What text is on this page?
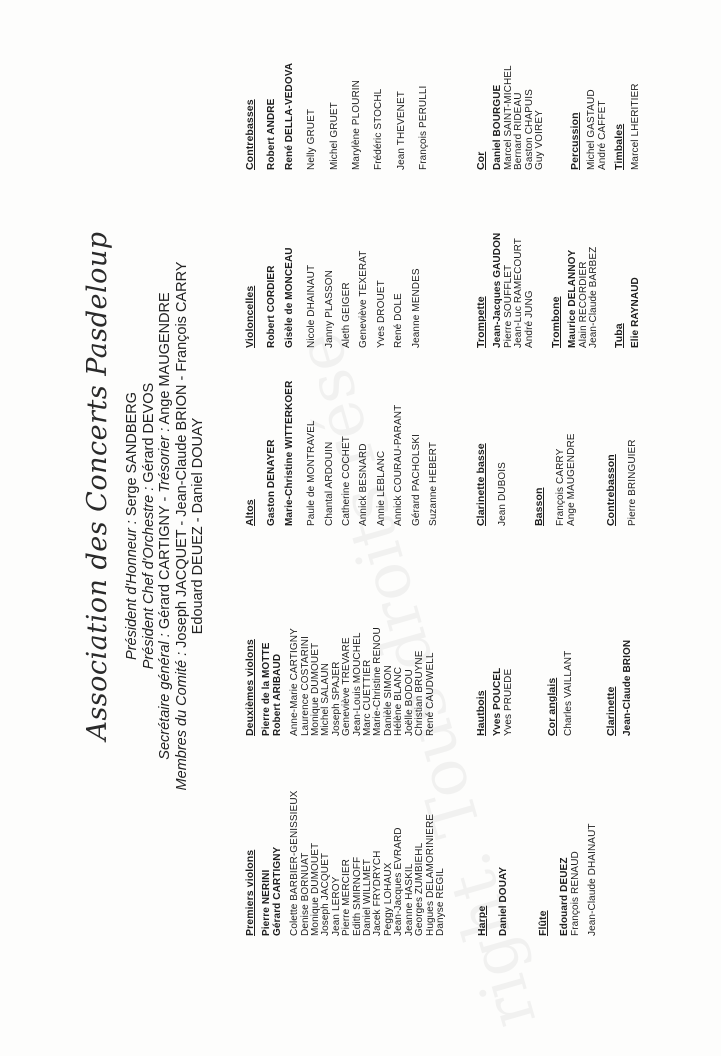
Association des Concerts Pasdeloup Président d'Honneur : Serge SANDBERG
Président Chef d'Orchestre : Gérard DEVOS
Secrétaire général : Gérard CARTIGNY - Trésorier : Ange MAUGENDRE
Membres du Comité : Joseph JACQUET - Jean-Claude BRION - François CARRY Edouard DEUEZ - Daniel DOUAY
Premiers violons Pierre NERINI Gérard CARTIGNY Colette BARBIER-GENISSIEUX Denise BORNUAT Monique DUMOUET Joseph JACQUET Jean LEROY Pierre MERCIER Edith SMIRNOFF Daniel WILLMET Jacek FRYDRYCH Peggy LOHAUX Jean-Jacques EVRARD Jeanne HASKIL Georges ZUMBIEHL Hugues DELAMORINIERE Danyse REGIL	Harpe Daniel DOUAY	Flûte Edouard DEUEZ François RENAUD Jean-Claude DHAINAUT
Deuxièmes violons Pierre de la MOTTE Robert ARIBAUD Anne-Marie CARTIGNY Laurence COSTARINI Monique DUMOUET Michel SALAUN Joseph SPAJER Geneviève TREVARE Jean-Louis MOUCHEL Marc CUETTIER Marie-Christine RENOU Danièle SIMON Hélène BLANC Joëlle BODOU Christian BRUYNE René CAUDWELL	Hautbois Yves POUCEL Yves PRUEDE	Cor anglais Charles VAILLANT	Clarinette Jean-Claude BRION
Altos Gaston DENAYER Marie-Christine WITTERKOER Paule de MONTRAVEL Chantal ARDOUIN Catherine COCHET Annick BESNARD Annie LEBLANC Annick COURAU-PARANT Gérard PACHOLSKI Suzanne HEBERT	Clarinette basse Jean DUBOIS Basson François CARRY Ange MAUGENDRE	Contrebasson Pierre BRINGUIER
Violoncelles Robert CORDIER Gisèle de MONCEAU Nicole DHAINAUT Janny PLASSON Aleth GEIGER Geneviève TEXERAT Yves DROUET René DOLE Jeanne MENDES	Trompette Jean-Jacques GAUDON Pierre SOUFFLET Jean-Luc RAMECOURT André JUNG Trombone Maurice DELANNOY Alain RECORDIER Jean-Claude BARBEZ Tuba Elie RAYNAUD
Contrebasses Robert ANDRE René DELLA-VEDOVA Nelly GRUET Michel GRUET Marylène PLOURIN Frédéric STOCHL Jean THEVENET François PERULLI	Cor Daniel BOURGUE Marcel SAINT-MICHEL Bernard RIDEAU Gaston CHAPUIS Guy VOIREY Percussion Michel GASTAUD André CAFFET Timbales Marcel LHERITIER
